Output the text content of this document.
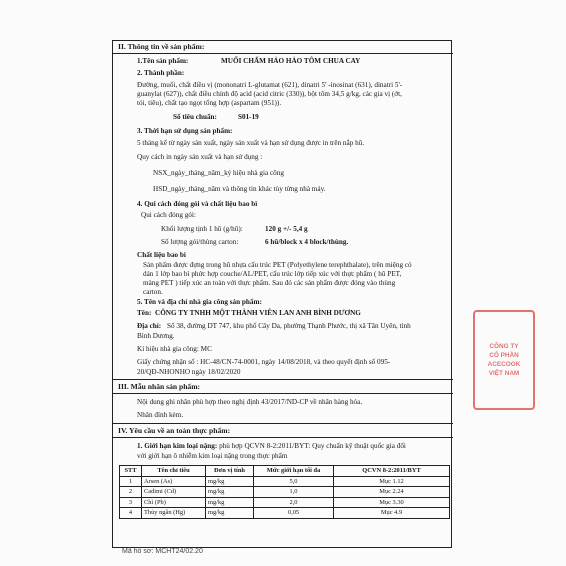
II. Thông tin về sản phẩm:
1.Tên sản phẩm:	MUỐI CHẤM HẢO HẢO TÔM CHUA CAY
2. Thành phần:
Đường, muối, chất điều vị (mononatri L-glutamat (621), dinatri 5' -inosinat (631), dinatri 5'-
guanylat (627)), chất điều chỉnh độ acid (acid citric (330)), bột tôm 34,5 g/kg, các gia vị (ớt,
tỏi, tiêu), chất tạo ngọt tổng hợp (aspartam (951)).
Số tiêu chuẩn:	S01-19
3. Thời hạn sử dụng sản phẩm:
5 tháng kể từ ngày sản xuất, ngày sản xuất và hạn sử dụng được in trên nắp hũ.
Quy cách in ngày sản xuất và hạn sử dụng :
NSX_ngày_tháng_năm_ký hiệu nhà gia công
HSD_ngày_tháng_năm và thông tin khác tùy từng nhà máy.
4. Qui cách đóng gói và chất liệu bao bì
Qui cách đóng gói:
Khối lượng tịnh 1 hũ (g/hũ):	120 g +/- 5,4 g
Số lượng gói/thùng carton:	6 hũ/block x 4 block/thùng.
Chất liệu bao bì
Sản phẩm được đựng trong hũ nhựa cấu trúc PET (Polyethylene terephthalate), trên miệng có
dán 1 lớp bao bì phức hợp couche/AL/PET, cấu trúc lớp tiếp xúc với thực phẩm ( hũ PET,
màng PET ) tiếp xúc an toàn với thực phẩm. Sau đó các sản phẩm được đóng vào thùng
carton.
5. Tên và địa chỉ nhà gia công sản phẩm:
Tên: CÔNG TY TNHH MỘT THÀNH VIÊN LAN ANH BÌNH DƯƠNG
Địa chỉ: Số 38, đường DT 747, khu phố Cây Da, phường Thạnh Phước, thị xã Tân Uyên, tỉnh
Bình Dương.
Kí hiệu nhà gia công: MC
Giấy chứng nhận số : HC-48/CN-74-0001, ngày 14/08/2018, và theo quyết định số 095-
20/QĐ-NHONHO ngày 18/02/2020
III. Mẫu nhãn sản phẩm:
Nội dung ghi nhãn phù hợp theo nghị định 43/2017/ND-CP về nhãn hàng hóa.
Nhãn đính kèm.
IV. Yêu cầu về an toàn thực phẩm:
1. Giới hạn kim loại nặng: phù hợp QCVN 8-2:2011/BYT: Quy chuẩn kỹ thuật quốc gia đối
với giới hạn ô nhiễm kim loại nặng trong thực phẩm
STT	Tên chỉ tiêu	Đơn vị tính	Mức giới hạn tối đa	QCVN 8-2:2011/BYT
1	Arsen (As)	mg/kg	5,0	Mục 1.12
2	Cadimi (Cd)	mg/kg	1,0	Mục 2.24
3	Chì (Pb)	mg/kg	2,0	Mục 3.30
4	Thủy ngân (Hg)	mg/kg	0,05	Mục 4.9
CÔNG TY
CỔ PHẦN
ACECOOK
VIỆT NAM
Mã hồ sơ: MCHT24/02.20
